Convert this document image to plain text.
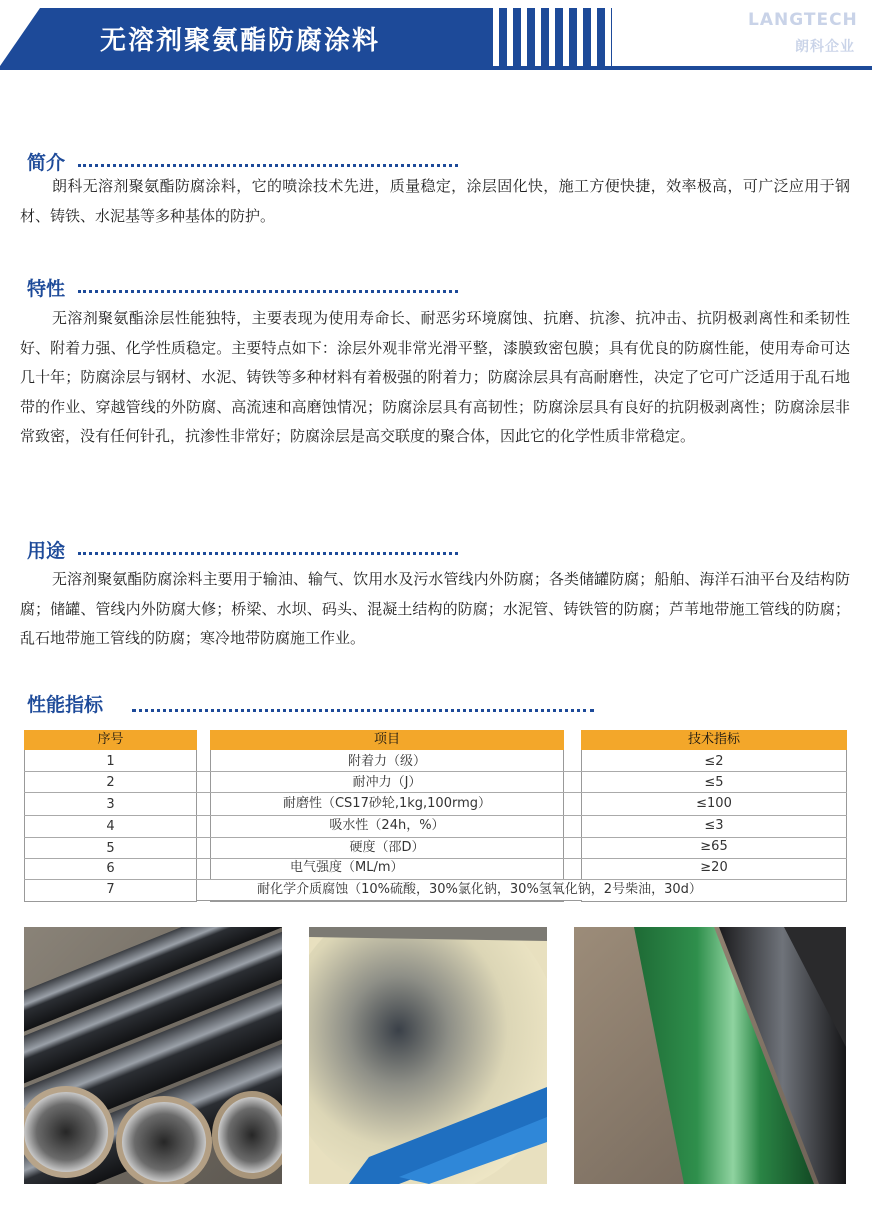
无溶剂聚氨酯防腐涂料
LANGTECH
朗科企业
简介
朗科无溶剂聚氨酯防腐涂料，它的喷涂技术先进，质量稳定，涂层固化快，施工方便快捷，效率极高，可广泛应用于钢材、铸铁、水泥基等多种基体的防护。
特性
无溶剂聚氨酯涂层性能独特，主要表现为使用寿命长、耐恶劣环境腐蚀、抗磨、抗渗、抗冲击、抗阴极剥离性和柔韧性好、附着力强、化学性质稳定。主要特点如下：涂层外观非常光滑平整，漆膜致密包膜；具有优良的防腐性能，使用寿命可达几十年；防腐涂层与钢材、水泥、铸铁等多种材料有着极强的附着力；防腐涂层具有高耐磨性，决定了它可广泛适用于乱石地带的作业、穿越管线的外防腐、高流速和高磨蚀情况；防腐涂层具有高韧性；防腐涂层具有良好的抗阴极剥离性；防腐涂层非常致密，没有任何针孔，抗渗性非常好；防腐涂层是高交联度的聚合体，因此它的化学性质非常稳定。
用途
无溶剂聚氨酯防腐涂料主要用于输油、输气、饮用水及污水管线内外防腐；各类储罐防腐；船舶、海洋石油平台及结构防腐；储罐、管线内外防腐大修；桥梁、水坝、码头、混凝土结构的防腐；水泥管、铸铁管的防腐；芦苇地带施工管线的防腐；乱石地带施工管线的防腐；寒冷地带防腐施工作业。
性能指标
序号	项目	技术指标
1	附着力（级）	≤2
2	耐冲力（J）	≤5
3	耐磨性（CS17砂轮,1kg,100rmg）	≤100
4	吸水性（24h，%）	≤3
5	硬度（邵D）	≥65
6	电气强度（ML/m）	≥20
7	耐化学介质腐蚀（10%硫酸，30%氯化钠，30%氢氧化钠，2号柴油，30d）
